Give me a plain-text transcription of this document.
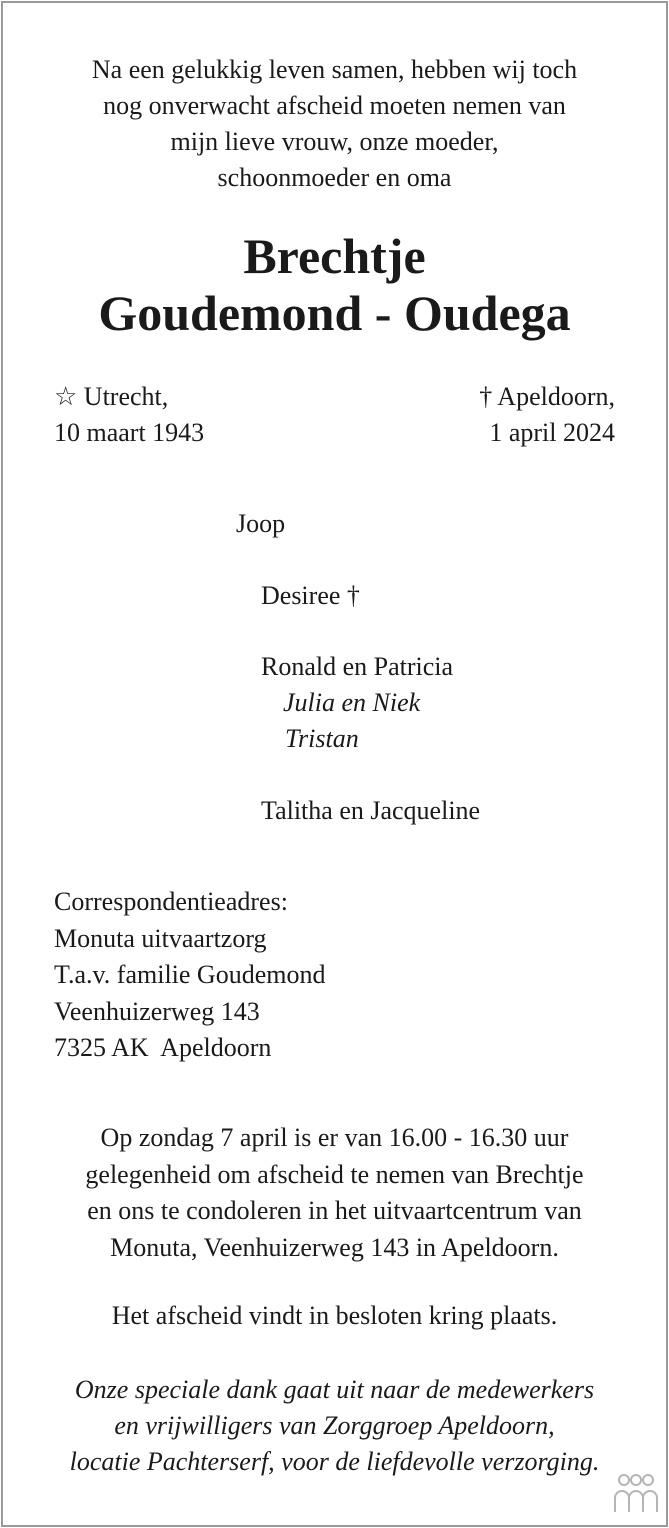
Na een gelukkig leven samen, hebben wij toch
nog onverwacht afscheid moeten nemen van
mijn lieve vrouw, onze moeder,
schoonmoeder en oma
Brechtje
Goudemond - Oudega
☆ Utrecht,
10 maart 1943
† Apeldoorn,
1 april 2024
Joop
Desiree †
Ronald en Patricia
Julia en Niek
Tristan
Talitha en Jacqueline
Correspondentieadres:
Monuta uitvaartzorg
T.a.v. familie Goudemond
Veenhuizerweg 143
7325 AK  Apeldoorn
Op zondag 7 april is er van 16.00 - 16.30 uur
gelegenheid om afscheid te nemen van Brechtje
en ons te condoleren in het uitvaartcentrum van
Monuta, Veenhuizerweg 143 in Apeldoorn.
Het afscheid vindt in besloten kring plaats.
Onze speciale dank gaat uit naar de medewerkers
en vrijwilligers van Zorggroep Apeldoorn,
locatie Pachterserf, voor de liefdevolle verzorging.
